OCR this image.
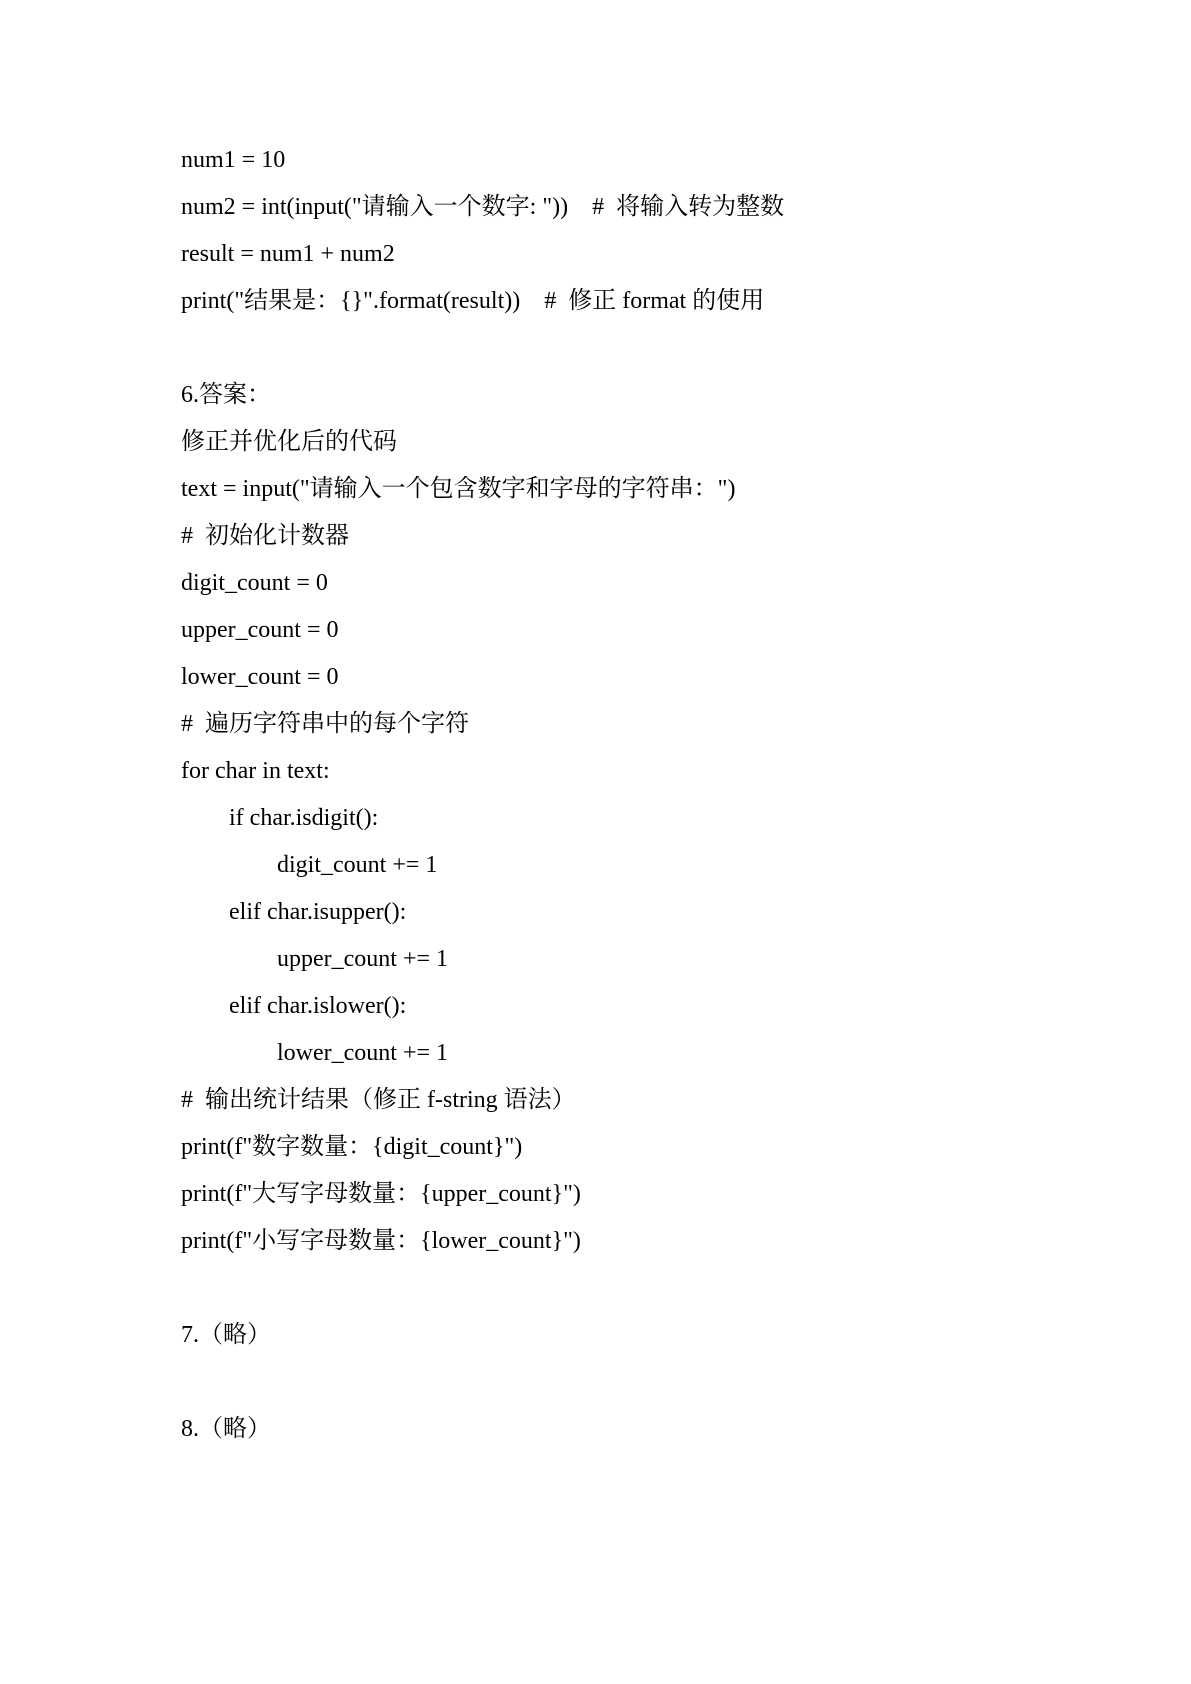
num1 = 10
num2 = int(input("请输入一个数字: "))    #  将输入转为整数
result = num1 + num2
print("结果是：{}".format(result))    #  修正 format 的使用
6.答案：
修正并优化后的代码
text = input("请输入一个包含数字和字母的字符串：")
#  初始化计数器
digit_count = 0
upper_count = 0
lower_count = 0
#  遍历字符串中的每个字符
for char in text:
if char.isdigit():
digit_count += 1
elif char.isupper():
upper_count += 1
elif char.islower():
lower_count += 1
#  输出统计结果（修正 f-string 语法）
print(f"数字数量：{digit_count}")
print(f"大写字母数量：{upper_count}")
print(f"小写字母数量：{lower_count}")
7.（略）
8.（略）
